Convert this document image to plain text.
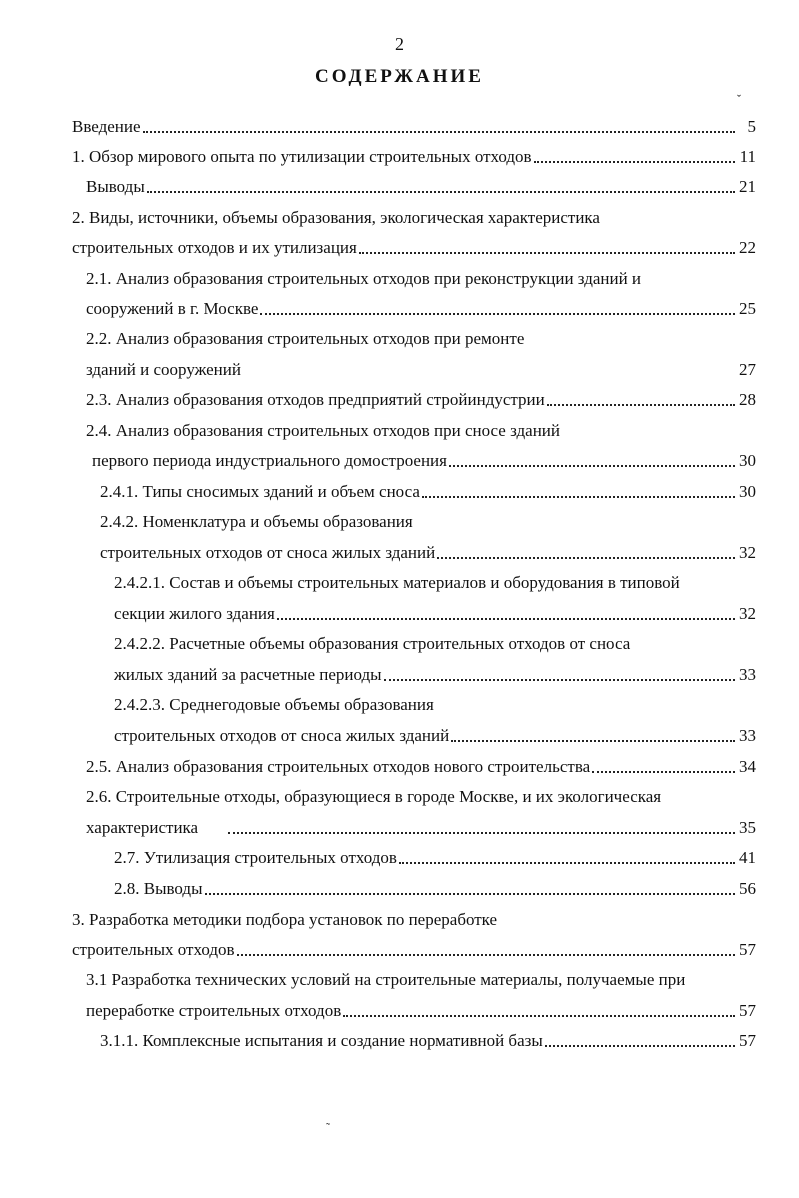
2
СОДЕРЖАНИЕ
ˇ
˜
Введение	5
1. Обзор мирового опыта по утилизации строительных отходов	11
Выводы	21
2. Виды, источники, объемы образования, экологическая характеристика
строительных отходов и их утилизация	22
2.1. Анализ образования строительных отходов при реконструкции зданий и
сооружений в г. Москве	25
2.2. Анализ образования строительных отходов при ремонте
зданий и сооружений	27
2.3. Анализ образования отходов предприятий стройиндустрии	28
2.4. Анализ образования строительных отходов при сносе зданий
первого периода индустриального домостроения	30
2.4.1. Типы сносимых зданий и объем сноса	30
2.4.2. Номенклатура и объемы образования
строительных отходов от сноса жилых зданий	32
2.4.2.1. Состав и объемы строительных материалов и оборудования в типовой
секции жилого здания	32
2.4.2.2. Расчетные объемы образования строительных отходов от сноса
жилых зданий за расчетные периоды	33
2.4.2.3. Среднегодовые объемы образования
строительных отходов от сноса жилых зданий	33
2.5. Анализ образования строительных отходов нового строительства	34
2.6. Строительные отходы, образующиеся в городе Москве, и их экологическая
характеристика	35
2.7. Утилизация строительных отходов	41
2.8. Выводы	56
3. Разработка методики подбора установок по переработке
строительных отходов	57
3.1 Разработка технических условий на строительные материалы, получаемые при
переработке строительных отходов	57
3.1.1. Комплексные испытания и создание нормативной базы	57
